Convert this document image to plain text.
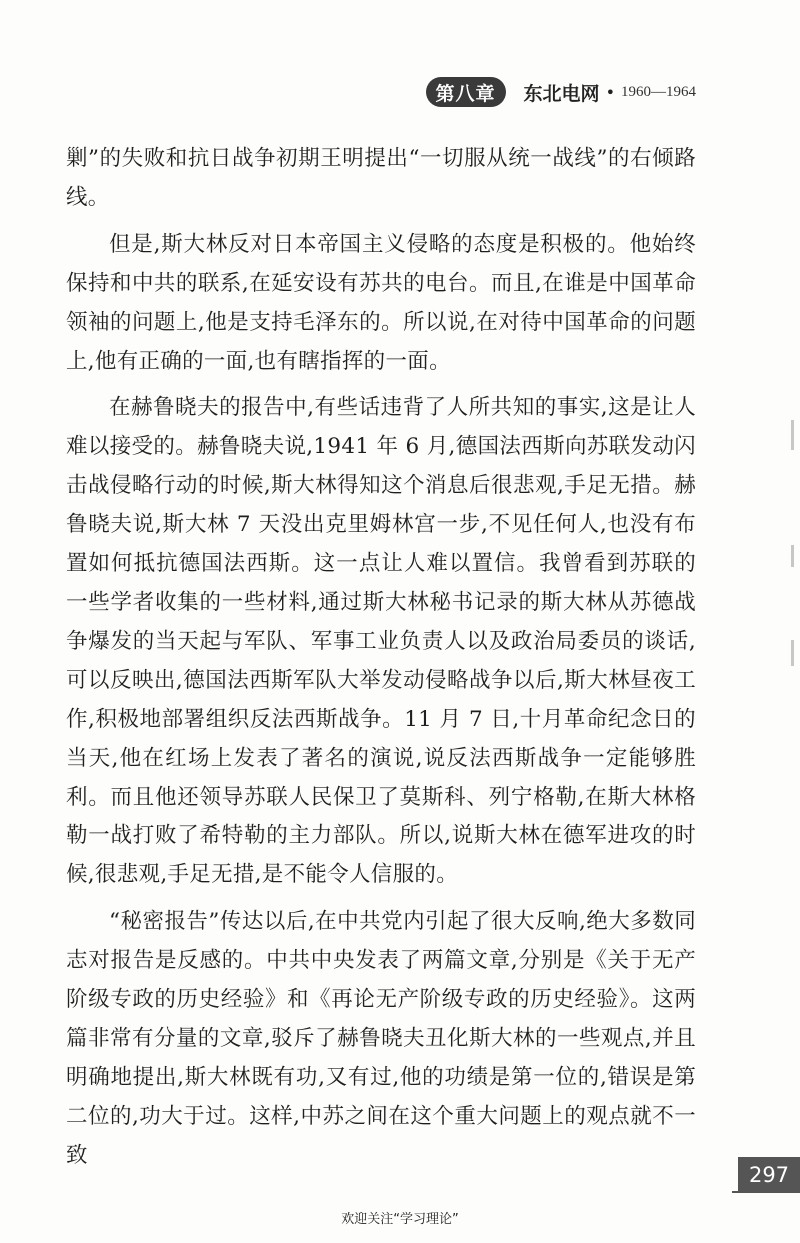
第八章	东北电网 • 1960—1964

剿”的失败和抗日战争初期王明提出“一切服从统一战线”的右倾路线。

但是,斯大林反对日本帝国主义侵略的态度是积极的。他始终保持和中共的联系,在延安设有苏共的电台。而且,在谁是中国革命领袖的问题上,他是支持毛泽东的。所以说,在对待中国革命的问题上,他有正确的一面,也有瞎指挥的一面。

在赫鲁晓夫的报告中,有些话违背了人所共知的事实,这是让人难以接受的。赫鲁晓夫说,1941 年 6 月,德国法西斯向苏联发动闪击战侵略行动的时候,斯大林得知这个消息后很悲观,手足无措。赫鲁晓夫说,斯大林 7 天没出克里姆林宫一步,不见任何人,也没有布置如何抵抗德国法西斯。这一点让人难以置信。我曾看到苏联的一些学者收集的一些材料,通过斯大林秘书记录的斯大林从苏德战争爆发的当天起与军队、军事工业负责人以及政治局委员的谈话,可以反映出,德国法西斯军队大举发动侵略战争以后,斯大林昼夜工作,积极地部署组织反法西斯战争。11 月 7 日,十月革命纪念日的当天,他在红场上发表了著名的演说,说反法西斯战争一定能够胜利。而且他还领导苏联人民保卫了莫斯科、列宁格勒,在斯大林格勒一战打败了希特勒的主力部队。所以,说斯大林在德军进攻的时候,很悲观,手足无措,是不能令人信服的。

“秘密报告”传达以后,在中共党内引起了很大反响,绝大多数同志对报告是反感的。中共中央发表了两篇文章,分别是《关于无产阶级专政的历史经验》和《再论无产阶级专政的历史经验》。这两篇非常有分量的文章,驳斥了赫鲁晓夫丑化斯大林的一些观点,并且明确地提出,斯大林既有功,又有过,他的功绩是第一位的,错误是第二位的,功大于过。这样,中苏之间在这个重大问题上的观点就不一致

297
欢迎关注“学习理论”
